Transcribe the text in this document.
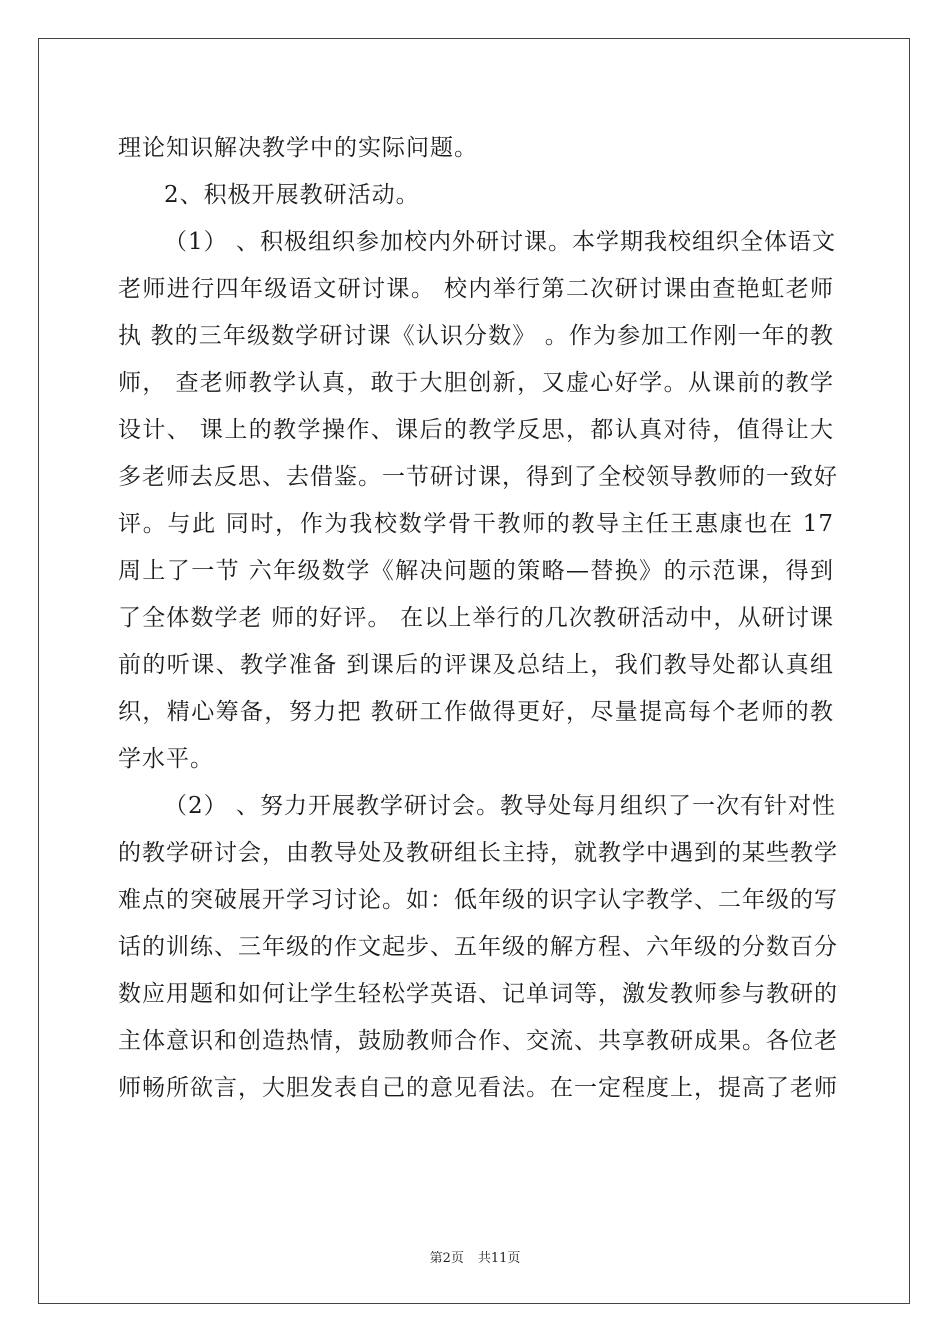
理论知识解决教学中的实际问题。
2、积极开展教研活动。
（1） 、积极组织参加校内外研讨课。本学期我校组织全体语文
老师进行四年级语文研讨课。 校内举行第二次研讨课由查艳虹老师
执 教的三年级数学研讨课《认识分数》 。作为参加工作刚一年的教
师， 查老师教学认真，敢于大胆创新，又虚心好学。从课前的教学
设计、 课上的教学操作、课后的教学反思，都认真对待，值得让大
多老师去反思、去借鉴。一节研讨课，得到了全校领导教师的一致好
评。与此 同时，作为我校数学骨干教师的教导主任王惠康也在 17
周上了一节 六年级数学《解决问题的策略—替换》的示范课，得到
了全体数学老 师的好评。 在以上举行的几次教研活动中，从研讨课
前的听课、教学准备 到课后的评课及总结上，我们教导处都认真组
织，精心筹备，努力把 教研工作做得更好，尽量提高每个老师的教
学水平。
（2） 、努力开展教学研讨会。教导处每月组织了一次有针对性
的教学研讨会，由教导处及教研组长主持，就教学中遇到的某些教学
难点的突破展开学习讨论。如：低年级的识字认字教学、二年级的写
话的训练、三年级的作文起步、五年级的解方程、六年级的分数百分
数应用题和如何让学生轻松学英语、记单词等，激发教师参与教研的
主体意识和创造热情，鼓励教师合作、交流、共享教研成果。各位老
师畅所欲言，大胆发表自己的意见看法。在一定程度上，提高了老师
第2页 共11页
